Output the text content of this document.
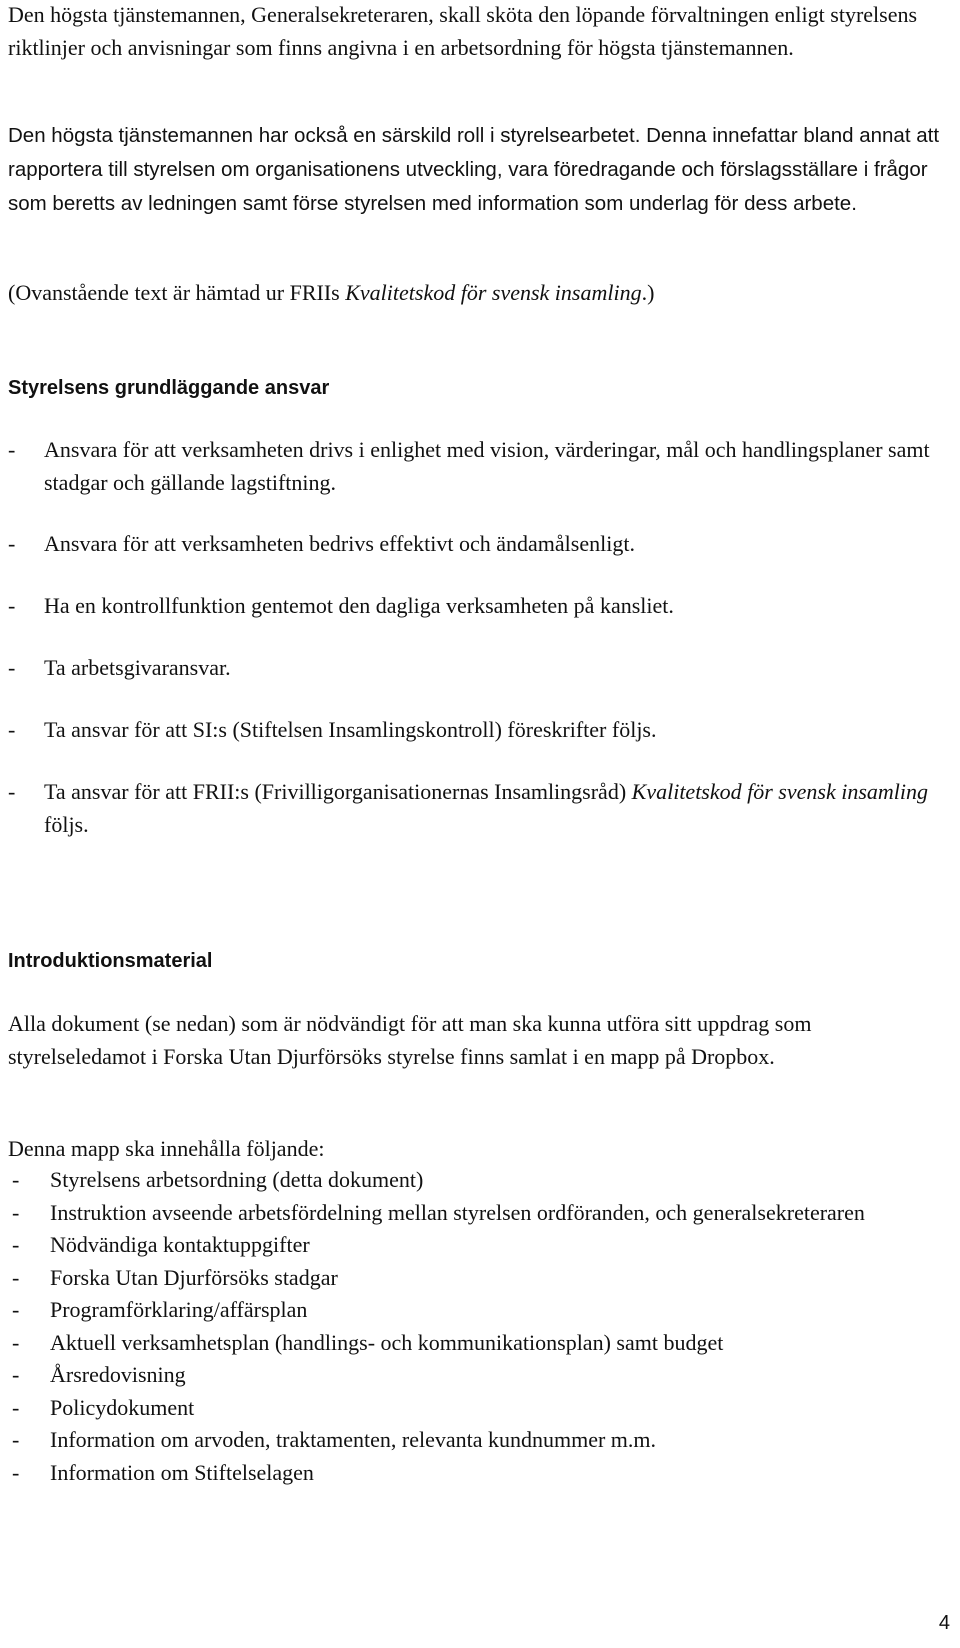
Den högsta tjänstemannen, Generalsekreteraren, skall sköta den löpande förvaltningen enligt styrelsens riktlinjer och anvisningar som finns angivna i en arbetsordning för högsta tjänstemannen.

Den högsta tjänstemannen har också en särskild roll i styrelsearbetet. Denna innefattar bland annat att rapportera till styrelsen om organisationens utveckling, vara föredragande och förslagsställare i frågor som beretts av ledningen samt förse styrelsen med information som underlag för dess arbete.

(Ovanstående text är hämtad ur FRIIs Kvalitetskod för svensk insamling.)

Styrelsens grundläggande ansvar
- Ansvara för att verksamheten drivs i enlighet med vision, värderingar, mål och handlingsplaner samt stadgar och gällande lagstiftning.
- Ansvara för att verksamheten bedrivs effektivt och ändamålsenligt.
- Ha en kontrollfunktion gentemot den dagliga verksamheten på kansliet.
- Ta arbetsgivaransvar.
- Ta ansvar för att SI:s (Stiftelsen Insamlingskontroll) föreskrifter följs.
- Ta ansvar för att FRII:s (Frivilligorganisationernas Insamlingsråd) Kvalitetskod för svensk insamling följs.
Introduktionsmaterial

Alla dokument (se nedan) som är nödvändigt för att man ska kunna utföra sitt uppdrag som styrelseledamot i Forska Utan Djurförsöks styrelse finns samlat i en mapp på Dropbox.

Denna mapp ska innehålla följande:

- Styrelsens arbetsordning (detta dokument)
- Instruktion avseende arbetsfördelning mellan styrelsen ordföranden, och generalsekreteraren
- Nödvändiga kontaktuppgifter
- Forska Utan Djurförsöks stadgar
- Programförklaring/affärsplan
- Aktuell verksamhetsplan (handlings- och kommunikationsplan) samt budget
- Årsredovisning
- Policydokument
- Information om arvoden, traktamenten, relevanta kundnummer m.m.
- Information om Stiftelselagen
4
